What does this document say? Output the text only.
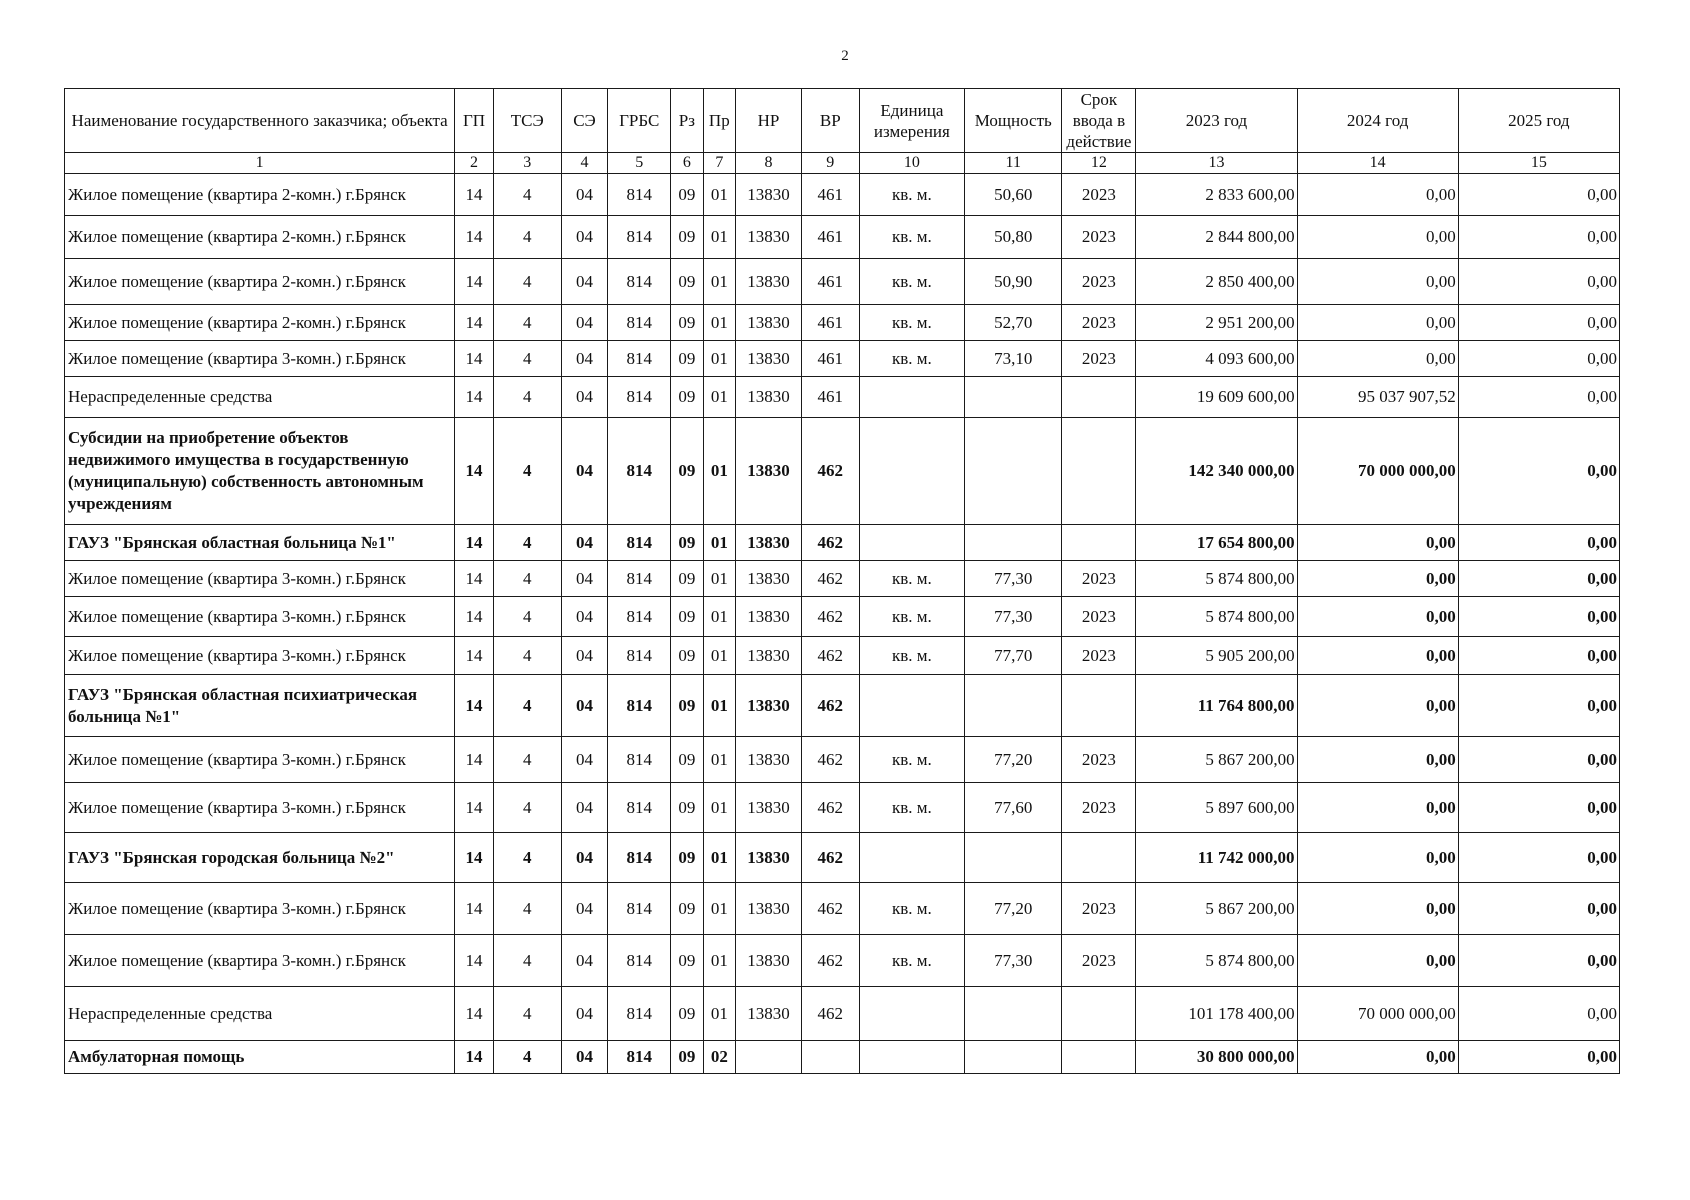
2
Наименование государственного заказчика; объекта	ГП	ТСЭ	СЭ	ГРБС	Рз	Пр	НР	ВР	Единица измерения	Мощность	Срок ввода в действие	2023 год	2024 год	2025 год
1	2	3	4	5	6	7	8	9	10	11	12	13	14	15
Жилое помещение (квартира 2-комн.) г.Брянск	14	4	04	814	09	01	13830	461	кв. м.	50,60	2023	2 833 600,00	0,00	0,00
Жилое помещение (квартира 2-комн.) г.Брянск	14	4	04	814	09	01	13830	461	кв. м.	50,80	2023	2 844 800,00	0,00	0,00
Жилое помещение (квартира 2-комн.) г.Брянск	14	4	04	814	09	01	13830	461	кв. м.	50,90	2023	2 850 400,00	0,00	0,00
Жилое помещение (квартира 2-комн.) г.Брянск	14	4	04	814	09	01	13830	461	кв. м.	52,70	2023	2 951 200,00	0,00	0,00
Жилое помещение (квартира 3-комн.) г.Брянск	14	4	04	814	09	01	13830	461	кв. м.	73,10	2023	4 093 600,00	0,00	0,00
Нераспределенные средства	14	4	04	814	09	01	13830	461				19 609 600,00	95 037 907,52	0,00
Субсидии на приобретение объектов недвижимого имущества в государственную (муниципальную) собственность автономным учреждениям	14	4	04	814	09	01	13830	462				142 340 000,00	70 000 000,00	0,00
ГАУЗ "Брянская областная больница №1"	14	4	04	814	09	01	13830	462				17 654 800,00	0,00	0,00
Жилое помещение (квартира 3-комн.) г.Брянск	14	4	04	814	09	01	13830	462	кв. м.	77,30	2023	5 874 800,00	0,00	0,00
Жилое помещение (квартира 3-комн.) г.Брянск	14	4	04	814	09	01	13830	462	кв. м.	77,30	2023	5 874 800,00	0,00	0,00
Жилое помещение (квартира 3-комн.) г.Брянск	14	4	04	814	09	01	13830	462	кв. м.	77,70	2023	5 905 200,00	0,00	0,00
ГАУЗ "Брянская областная психиатрическая больница №1"	14	4	04	814	09	01	13830	462				11 764 800,00	0,00	0,00
Жилое помещение (квартира 3-комн.) г.Брянск	14	4	04	814	09	01	13830	462	кв. м.	77,20	2023	5 867 200,00	0,00	0,00
Жилое помещение (квартира 3-комн.) г.Брянск	14	4	04	814	09	01	13830	462	кв. м.	77,60	2023	5 897 600,00	0,00	0,00
ГАУЗ "Брянская городская больница №2"	14	4	04	814	09	01	13830	462				11 742 000,00	0,00	0,00
Жилое помещение (квартира 3-комн.) г.Брянск	14	4	04	814	09	01	13830	462	кв. м.	77,20	2023	5 867 200,00	0,00	0,00
Жилое помещение (квартира 3-комн.) г.Брянск	14	4	04	814	09	01	13830	462	кв. м.	77,30	2023	5 874 800,00	0,00	0,00
Нераспределенные средства	14	4	04	814	09	01	13830	462				101 178 400,00	70 000 000,00	0,00
Амбулаторная помощь	14	4	04	814	09	02						30 800 000,00	0,00	0,00
